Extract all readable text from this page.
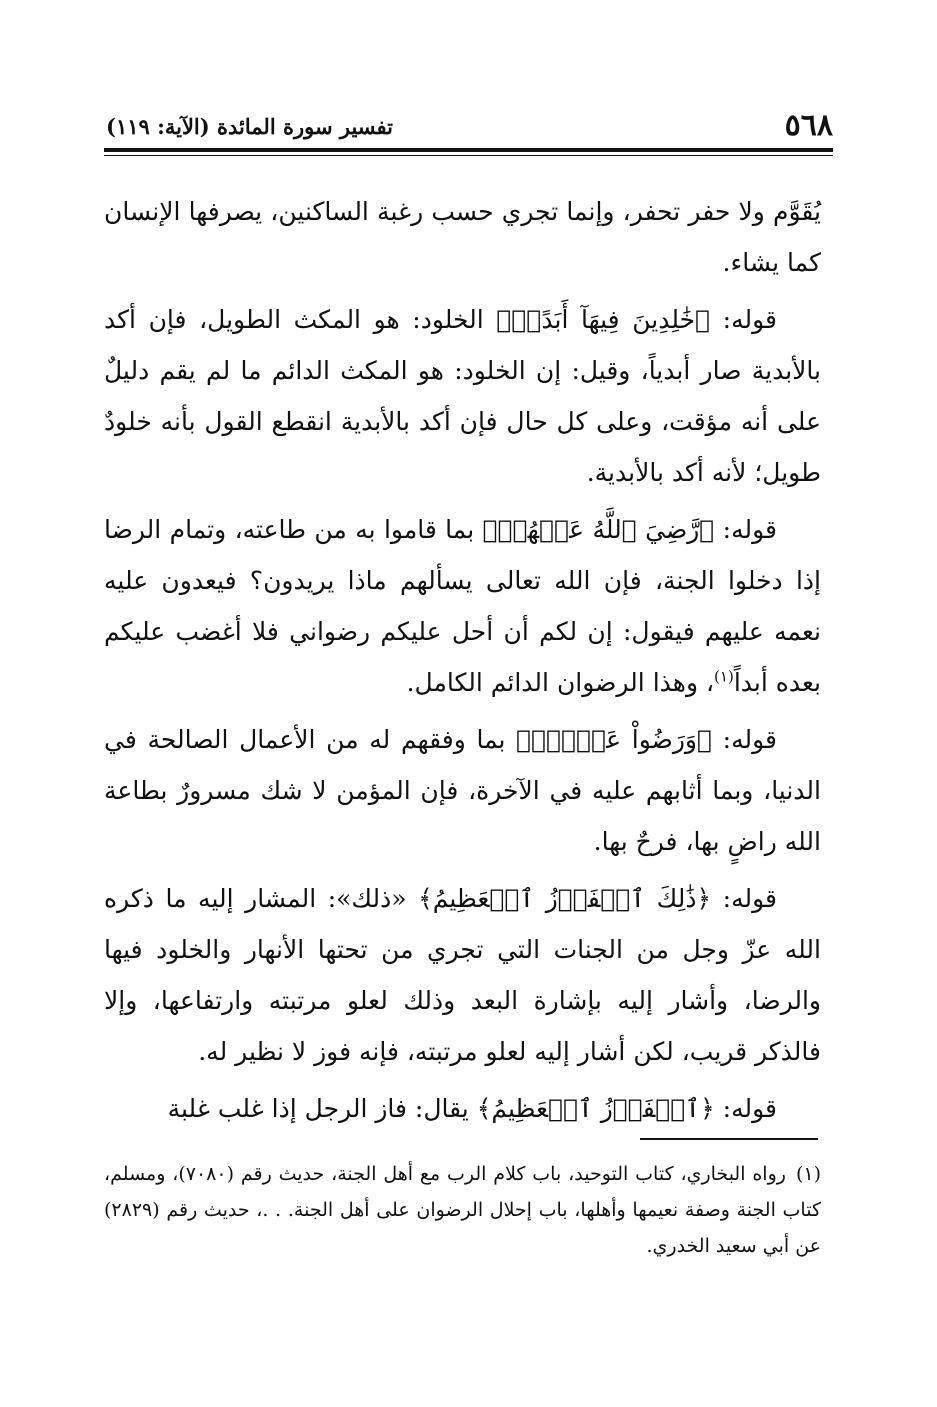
٥٦٨
تفسير سورة المائدة (الآية: ١١٩)

يُقَوَّم ولا حفر تحفر، وإنما تجري حسب رغبة الساكنين، يصرفها الإنسان كما يشاء.

قوله: ﴿خَٰلِدِينَ فِيهَآ أَبَدًاۚ﴾ الخلود: هو المكث الطويل، فإن أكد بالأبدية صار أبدياً، وقيل: إن الخلود: هو المكث الدائم ما لم يقم دليلٌ على أنه مؤقت، وعلى كل حال فإن أكد بالأبدية انقطع القول بأنه خلودٌ طويل؛ لأنه أكد بالأبدية.

قوله: ﴿رَّضِيَ ٱللَّهُ عَنۡهُمۡ﴾ بما قاموا به من طاعته، وتمام الرضا إذا دخلوا الجنة، فإن الله تعالى يسألهم ماذا يريدون؟ فيعدون عليه نعمه عليهم فيقول: إن لكم أن أحل عليكم رضواني فلا أغضب عليكم بعده أبداً$^{(١)}$، وهذا الرضوان الدائم الكامل.

قوله: ﴿وَرَضُواْ عَنۡهُۚ﴾ بما وفقهم له من الأعمال الصالحة في الدنيا، وبما أثابهم عليه في الآخرة، فإن المؤمن لا شك مسرورٌ بطاعة الله راضٍ بها، فرحٌ بها.

قوله: ﴿ذَٰلِكَ ٱلۡفَوۡزُ ٱلۡعَظِيمُ﴾ «ذلك»: المشار إليه ما ذكره الله عزّ وجل من الجنات التي تجري من تحتها الأنهار والخلود فيها والرضا، وأشار إليه بإشارة البعد وذلك لعلو مرتبته وارتفاعها، وإلا فالذكر قريب، لكن أشار إليه لعلو مرتبته، فإنه فوز لا نظير له.

قوله: ﴿ٱلۡفَوۡزُ ٱلۡعَظِيمُ﴾ يقال: فاز الرجل إذا غلب غلبة

(١)رواه البخاري، كتاب التوحيد، باب كلام الرب مع أهل الجنة، حديث رقم (٧٠٨٠)، ومسلم، كتاب الجنة وصفة نعيمها وأهلها، باب إحلال الرضوان على أهل الجنة. . .، حديث رقم (٢٨٢٩) عن أبي سعيد الخدري.
